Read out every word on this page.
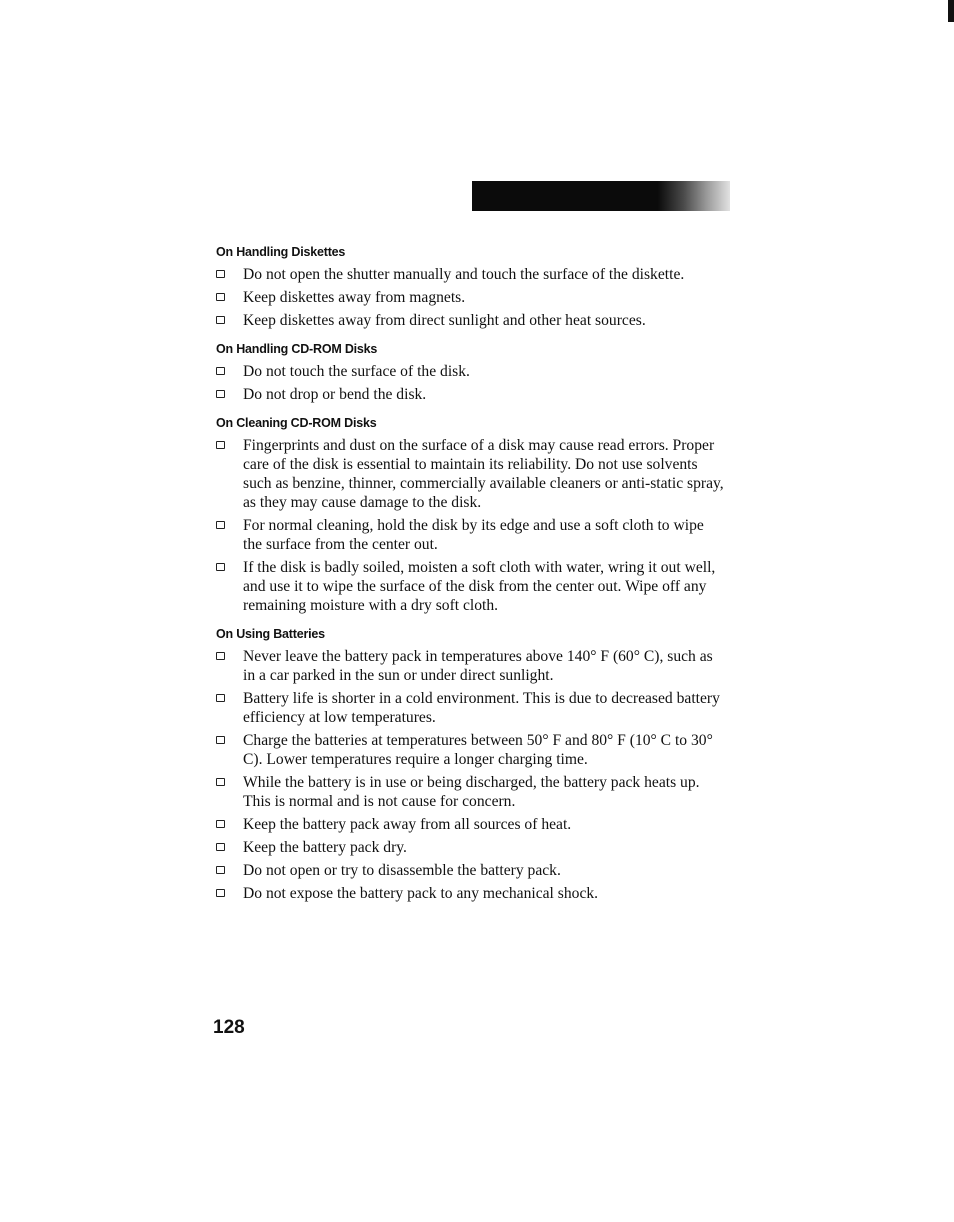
On Handling Diskettes
Do not open the shutter manually and touch the surface of the diskette.
Keep diskettes away from magnets.
Keep diskettes away from direct sunlight and other heat sources.
On Handling CD-ROM Disks
Do not touch the surface of the disk.
Do not drop or bend the disk.
On Cleaning CD-ROM Disks
Fingerprints and dust on the surface of a disk may cause read errors. Proper care of the disk is essential to maintain its reliability. Do not use solvents such as benzine, thinner, commercially available cleaners or anti-static spray, as they may cause damage to the disk.
For normal cleaning, hold the disk by its edge and use a soft cloth to wipe the surface from the center out.
If the disk is badly soiled, moisten a soft cloth with water, wring it out well, and use it to wipe the surface of the disk from the center out. Wipe off any remaining moisture with a dry soft cloth.
On Using Batteries
Never leave the battery pack in temperatures above 140° F (60° C), such as in a car parked in the sun or under direct sunlight.
Battery life is shorter in a cold environment. This is due to decreased battery efficiency at low temperatures.
Charge the batteries at temperatures between 50° F and 80° F (10° C to 30° C). Lower temperatures require a longer charging time.
While the battery is in use or being discharged, the battery pack heats up. This is normal and is not cause for concern.
Keep the battery pack away from all sources of heat.
Keep the battery pack dry.
Do not open or try to disassemble the battery pack.
Do not expose the battery pack to any mechanical shock.
128
